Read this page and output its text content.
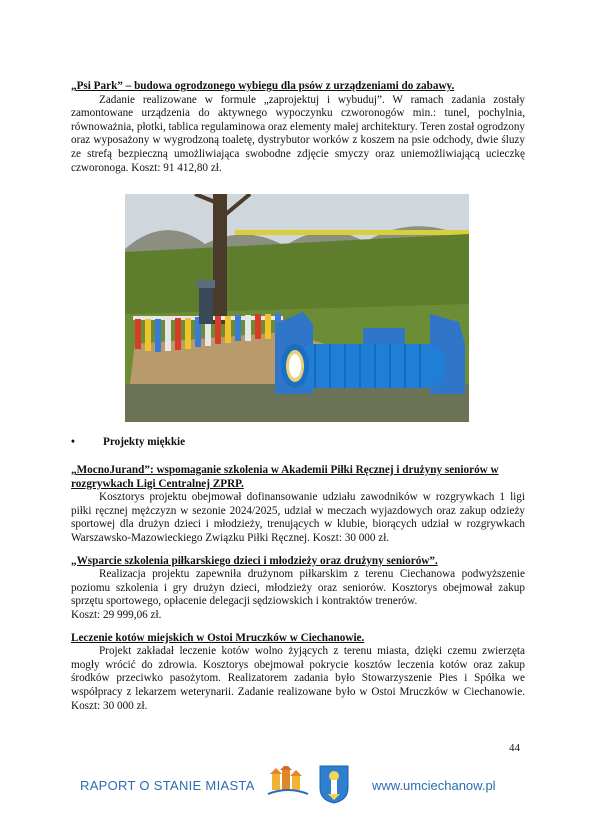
„Psi Park” – budowa ogrodzonego wybiegu dla psów z urządzeniami do zabawy.

Zadanie realizowane w formule „zaprojektuj i wybuduj”. W ramach zadania zostały zamontowane urządzenia do aktywnego wypoczynku czworonogów min.: tunel, pochylnia, równoważnia, płotki, tablica regulaminowa oraz elementy małej architektury. Teren został ogrodzony oraz wyposażony w wygrodzoną toaletę, dystrybutor worków z koszem na psie odchody, dwie śluzy ze strefą bezpieczną umożliwiająca swobodne zdjęcie smyczy oraz uniemożliwiającą ucieczkę czworonoga. Koszt: 91 412,80 zł.

•	Projekty miękkie

„MocnoJurand”: wspomaganie szkolenia w Akademii Piłki Ręcznej i drużyny seniorów w rozgrywkach Ligi Centralnej ZPRP.

Kosztorys projektu obejmował dofinansowanie udziału zawodników w rozgrywkach 1 ligi piłki ręcznej mężczyzn w sezonie 2024/2025, udział w meczach wyjazdowych oraz zakup odzieży sportowej dla drużyn dzieci i młodzieży, trenujących w klubie, biorących udział w rozgrywkach Warszawsko-Mazowieckiego Związku Piłki Ręcznej. Koszt: 30 000 zł.

„Wsparcie szkolenia piłkarskiego dzieci i młodzieży oraz drużyny seniorów”.

Realizacja projektu zapewniła drużynom piłkarskim z terenu Ciechanowa podwyższenie poziomu szkolenia i gry drużyn dzieci, młodzieży oraz seniorów. Kosztorys obejmował zakup sprzętu sportowego, opłacenie delegacji sędziowskich i kontraktów trenerów.

Koszt: 29 999,06 zł.

Leczenie kotów miejskich w Ostoi Mruczków w Ciechanowie.

Projekt zakładał leczenie kotów wolno żyjących z terenu miasta, dzięki czemu zwierzęta mogły wrócić do zdrowia. Kosztorys obejmował pokrycie kosztów leczenia kotów oraz zakup środków przeciwko pasożytom. Realizatorem zadania było Stowarzyszenie Pies i Spółka we współpracy z lekarzem weterynarii. Zadanie realizowane było w Ostoi Mruczków w Ciechanowie. Koszt: 30 000 zł.

44
RAPORT O STANIE MIASTA	www.umciechanow.pl
